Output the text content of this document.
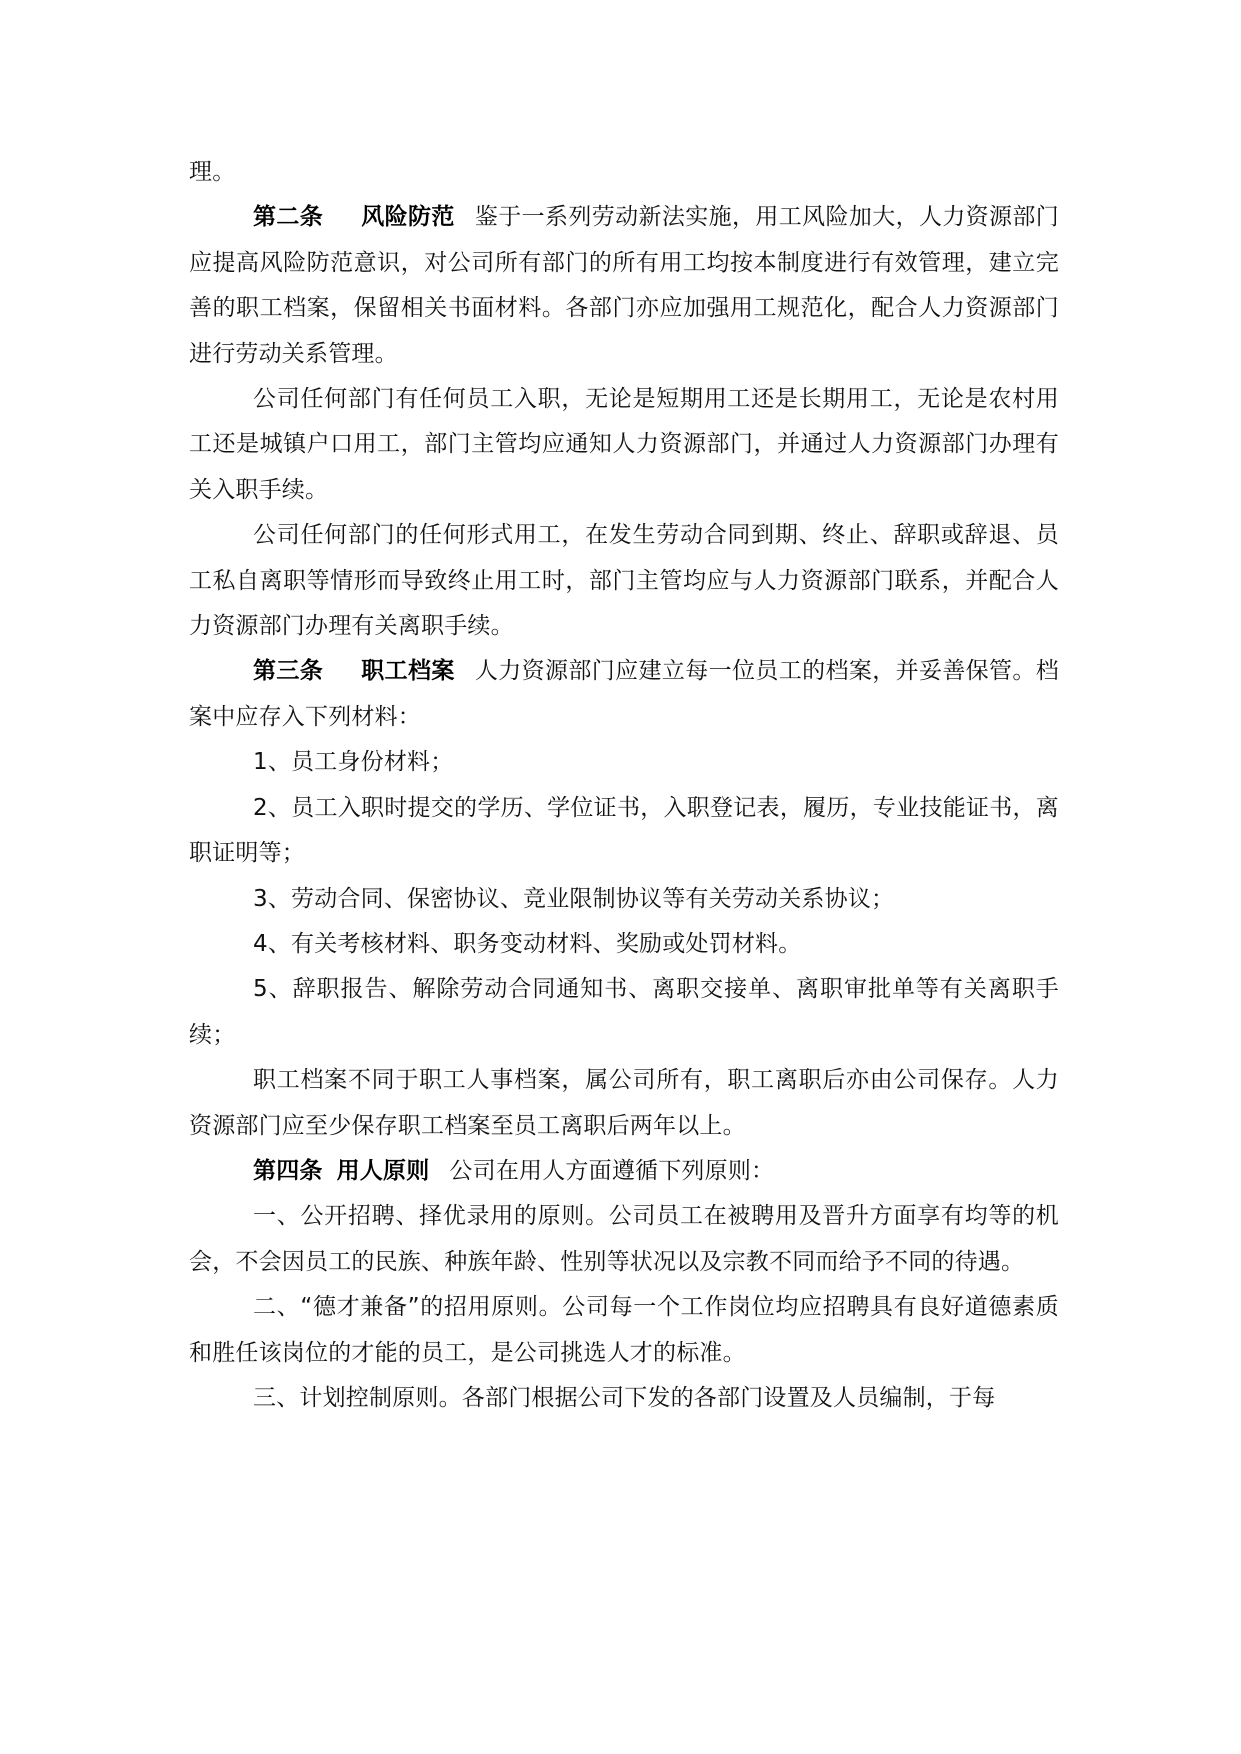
理。

第二条 风险防范 鉴于一系列劳动新法实施，用工风险加大，人力资源部门应提高风险防范意识，对公司所有部门的所有用工均按本制度进行有效管理，建立完善的职工档案，保留相关书面材料。各部门亦应加强用工规范化，配合人力资源部门进行劳动关系管理。

公司任何部门有任何员工入职，无论是短期用工还是长期用工，无论是农村用工还是城镇户口用工，部门主管均应通知人力资源部门，并通过人力资源部门办理有关入职手续。

公司任何部门的任何形式用工，在发生劳动合同到期、终止、辞职或辞退、员工私自离职等情形而导致终止用工时，部门主管均应与人力资源部门联系，并配合人力资源部门办理有关离职手续。

第三条 职工档案 人力资源部门应建立每一位员工的档案，并妥善保管。档案中应存入下列材料：

1、员工身份材料；

2、员工入职时提交的学历、学位证书，入职登记表，履历，专业技能证书，离职证明等；

3、劳动合同、保密协议、竞业限制协议等有关劳动关系协议；

4、有关考核材料、职务变动材料、奖励或处罚材料。

5、辞职报告、解除劳动合同通知书、离职交接单、离职审批单等有关离职手续；

职工档案不同于职工人事档案，属公司所有，职工离职后亦由公司保存。人力资源部门应至少保存职工档案至员工离职后两年以上。

第四条 用人原则 公司在用人方面遵循下列原则：

一、公开招聘、择优录用的原则。公司员工在被聘用及晋升方面享有均等的机会，不会因员工的民族、种族年龄、性别等状况以及宗教不同而给予不同的待遇。

二、“德才兼备”的招用原则。公司每一个工作岗位均应招聘具有良好道德素质和胜任该岗位的才能的员工，是公司挑选人才的标准。

三、计划控制原则。各部门根据公司下发的各部门设置及人员编制，于每
